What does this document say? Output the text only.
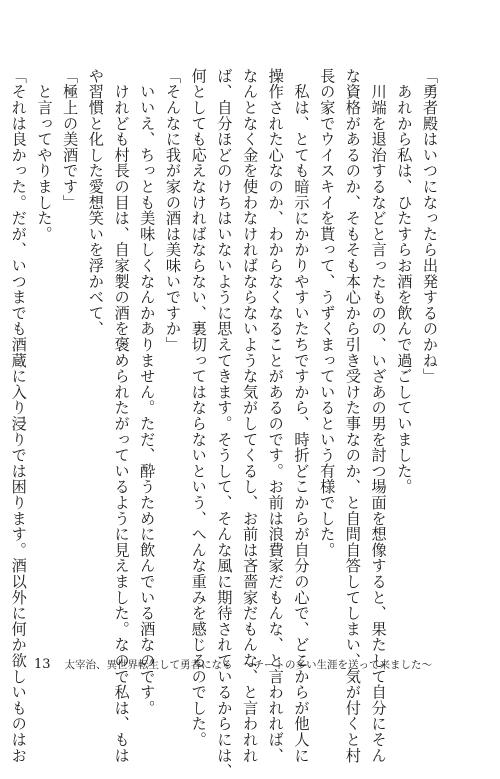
「勇者殿はいつになったら出発するのかね」
　あれから私は、ひたすらお酒を飲んで過ごしていました。
　川端を退治するなどと言ったものの、いざあの男を討つ場面を想像すると、果たして自分にそん
な資格があるのか、そもそも本心から引き受けた事なのか、と自問自答してしまい、気が付くと村
長の家でウイスキイを貰って、うずくまっているという有様でした。
　私は、とても暗示にかかりやすいたちですから、時折どこからが自分の心で、どこからが他人に
操作された心なのか、わからなくなることがあるのです。お前は浪費家だもんな、と言われれば、
なんとなく金を使わなければならないような気がしてくるし、お前は吝嗇家だもんな、と言われれ
ば、自分ほどのけちはいないように思えてきます。そうして、そんな風に期待されているからには、
何としても応えなければならない、裏切ってはならないという、へんな重みを感じるのでした。
「そんなに我が家の酒は美味いですか」
　いいえ、ちっとも美味しくなんかありません。ただ、酔うために飲んでいる酒なのです。
　けれども村長の目は、自家製の酒を褒められたがっているように見えました。なので私は、もは
や習慣と化した愛想笑いを浮かべて、
「極上の美酒です」
　と言ってやりました。
「それは良かった。だが、いつまでも酒蔵に入り浸りでは困ります。酒以外に何か欲しいものはお 13 太宰治、異世界転生して勇者になる　～チートの多い生涯を送って来ました～
